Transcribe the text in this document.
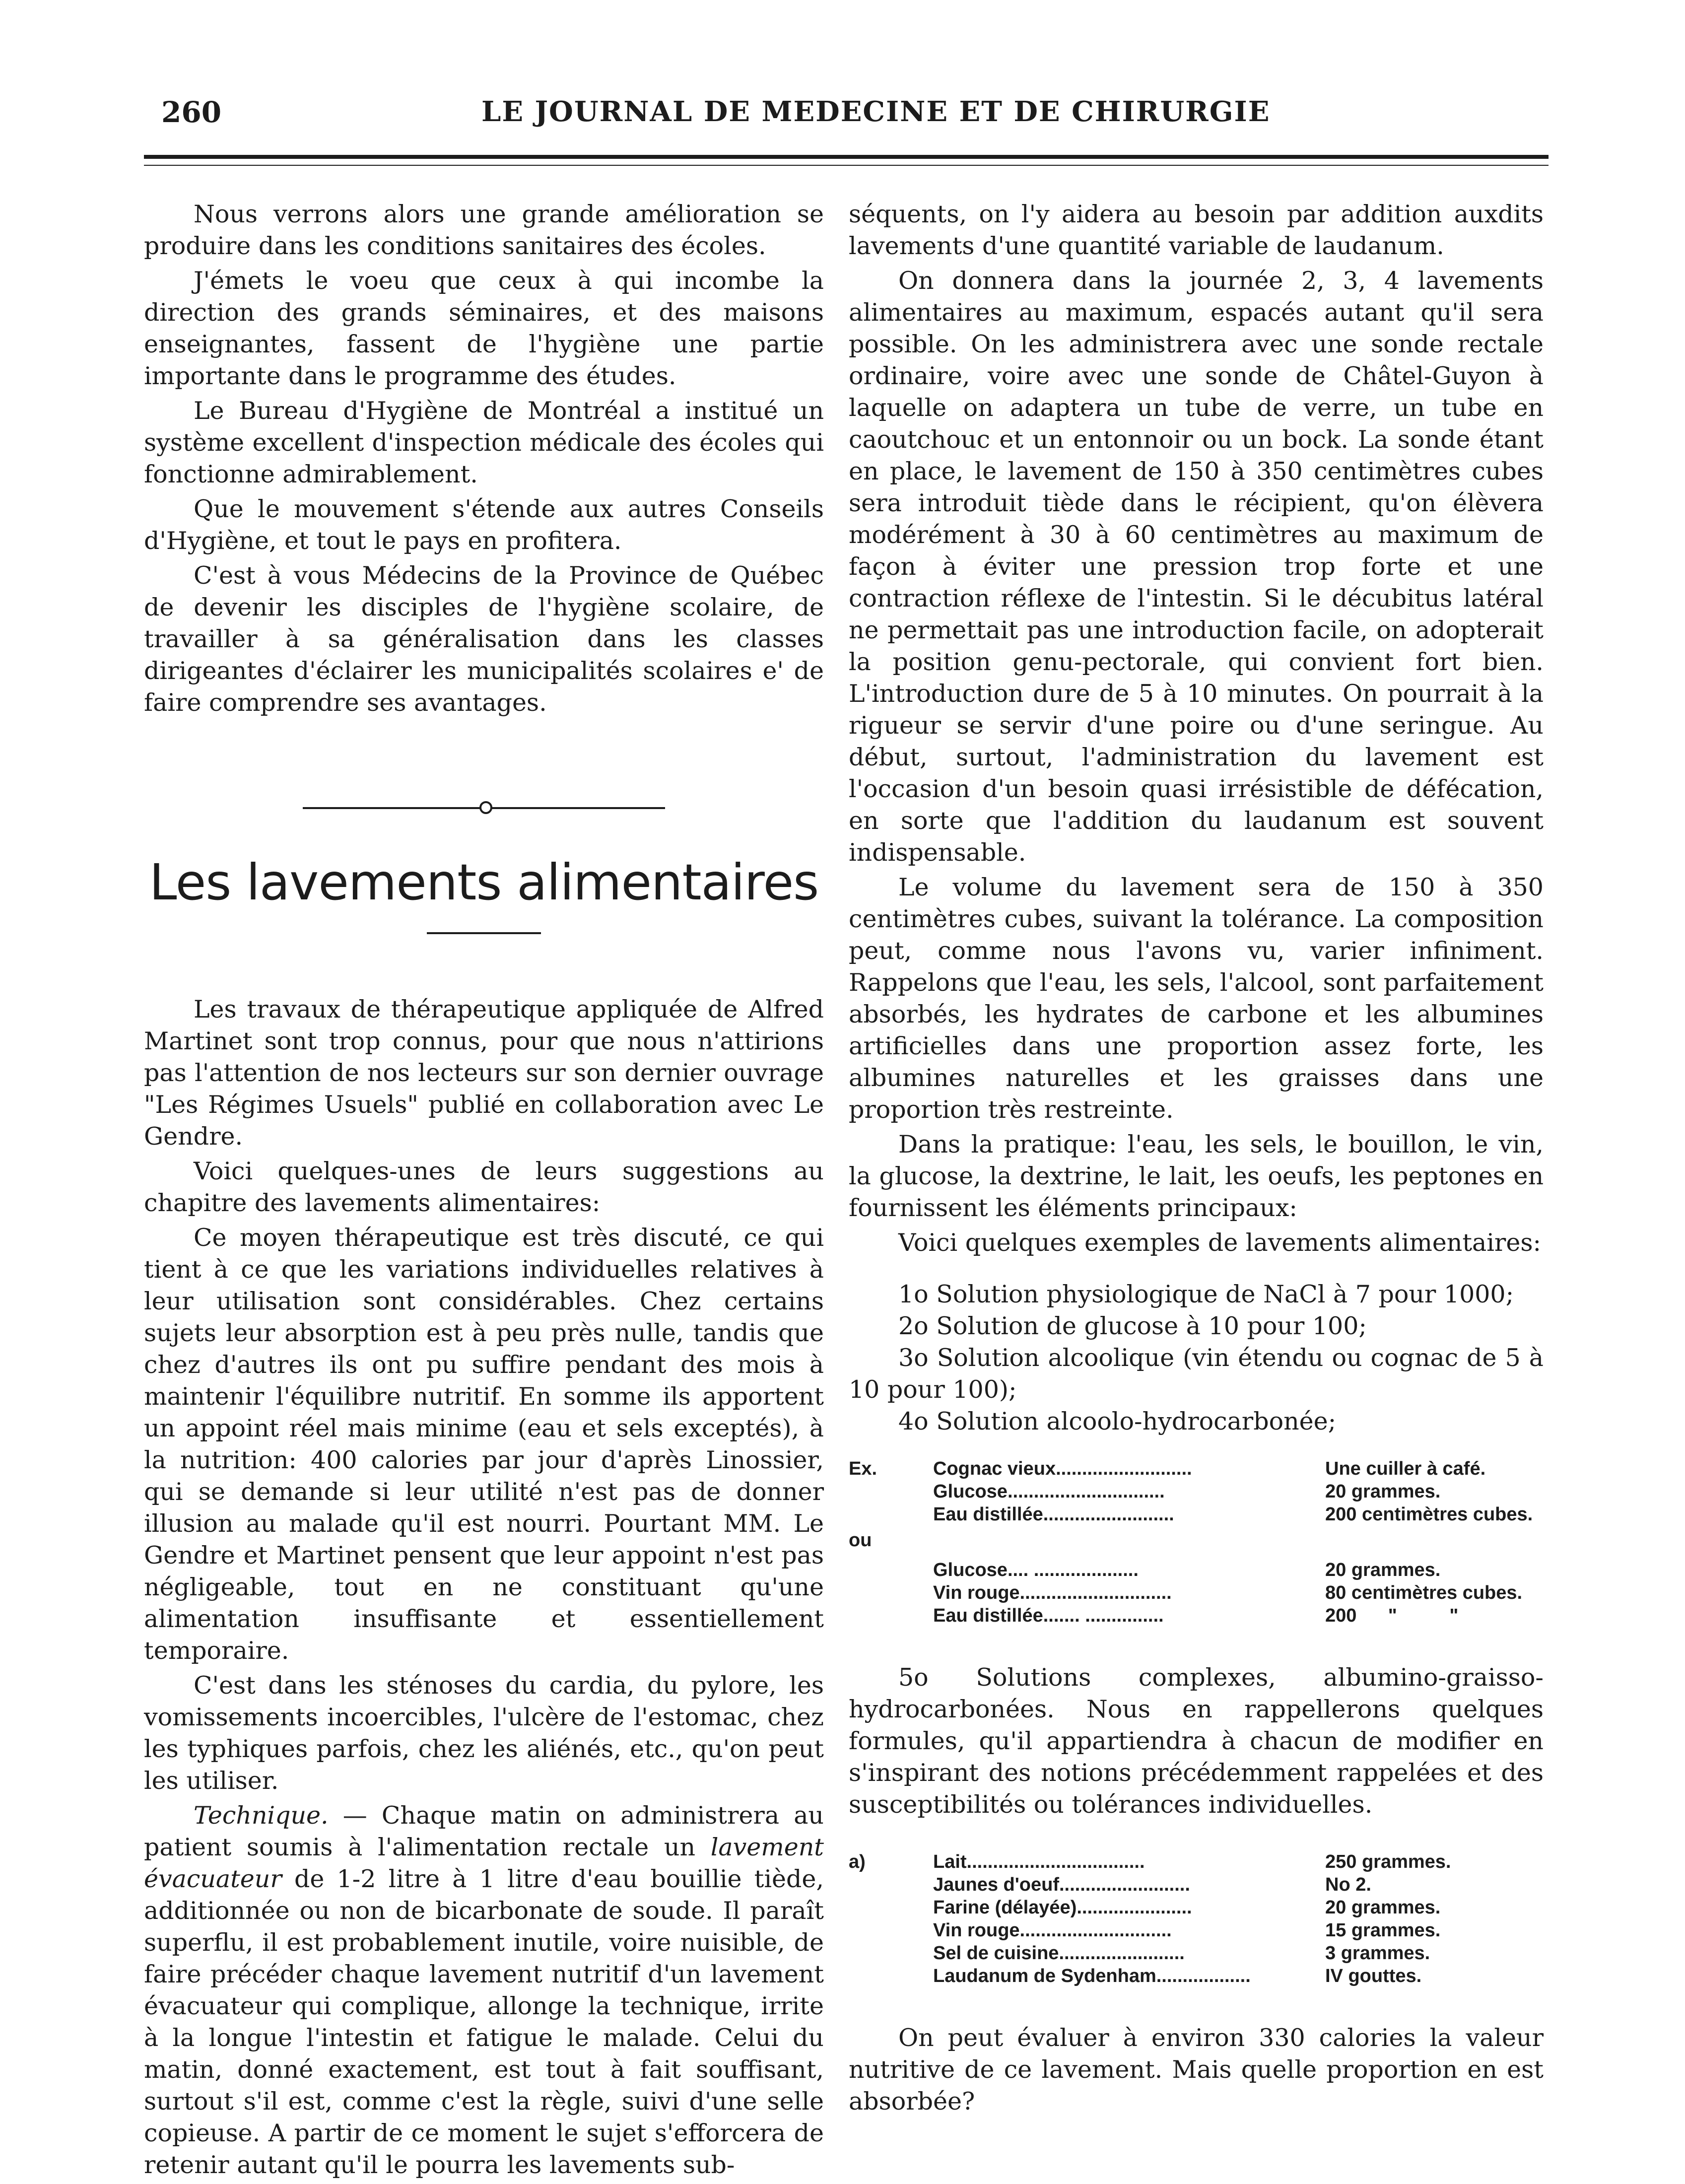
260	LE JOURNAL DE MEDECINE ET DE CHIRURGIE

Nous verrons alors une grande amélioration se produire dans les conditions sanitaires des écoles.

J'émets le voeu que ceux à qui incombe la direction des grands séminaires, et des maisons enseignantes, fassent de l'hygiène une partie importante dans le programme des études.

Le Bureau d'Hygiène de Montréal a institué un système excellent d'inspection médicale des écoles qui fonctionne admirablement.

Que le mouvement s'étende aux autres Conseils d'Hygiène, et tout le pays en profitera.

C'est à vous Médecins de la Province de Québec de devenir les disciples de l'hygiène scolaire, de travailler à sa généralisation dans les classes dirigeantes d'éclairer les municipalités scolaires e' de faire comprendre ses avantages.

Les lavements alimentaires

Les travaux de thérapeutique appliquée de Alfred Martinet sont trop connus, pour que nous n'attirions pas l'attention de nos lecteurs sur son dernier ouvrage "Les Régimes Usuels" publié en collaboration avec Le Gendre.

Voici quelques-unes de leurs suggestions au chapitre des lavements alimentaires:

Ce moyen thérapeutique est très discuté, ce qui tient à ce que les variations individuelles relatives à leur utilisation sont considérables. Chez certains sujets leur absorption est à peu près nulle, tandis que chez d'autres ils ont pu suffire pendant des mois à maintenir l'équilibre nutritif. En somme ils apportent un appoint réel mais minime (eau et sels exceptés), à la nutrition: 400 calories par jour d'après Linossier, qui se demande si leur utilité n'est pas de donner illusion au malade qu'il est nourri. Pourtant MM. Le Gendre et Martinet pensent que leur appoint n'est pas négligeable, tout en ne constituant qu'une alimentation insuffisante et essentiellement temporaire.

C'est dans les sténoses du cardia, du pylore, les vomissements incoercibles, l'ulcère de l'estomac, chez les typhiques parfois, chez les aliénés, etc., qu'on peut les utiliser.

Technique. — Chaque matin on administrera au patient soumis à l'alimentation rectale un lavement évacuateur de 1-2 litre à 1 litre d'eau bouillie tiède, additionnée ou non de bicarbonate de soude. Il paraît superflu, il est probablement inutile, voire nuisible, de faire précéder chaque lavement nutritif d'un lavement évacuateur qui complique, allonge la technique, irrite à la longue l'intestin et fatigue le malade. Celui du matin, donné exactement, est tout à fait souffisant, surtout s'il est, comme c'est la règle, suivi d'une selle copieuse. A partir de ce moment le sujet s'efforcera de retenir autant qu'il le pourra les lavements sub-

séquents, on l'y aidera au besoin par addition auxdits lavements d'une quantité variable de laudanum.

On donnera dans la journée 2, 3, 4 lavements alimentaires au maximum, espacés autant qu'il sera possible. On les administrera avec une sonde rectale ordinaire, voire avec une sonde de Châtel-Guyon à laquelle on adaptera un tube de verre, un tube en caoutchouc et un entonnoir ou un bock. La sonde étant en place, le lavement de 150 à 350 centimètres cubes sera introduit tiède dans le récipient, qu'on élèvera modérément à 30 à 60 centimètres au maximum de façon à éviter une pression trop forte et une contraction réflexe de l'intestin. Si le décubitus latéral ne permettait pas une introduction facile, on adopterait la position genu-pectorale, qui convient fort bien. L'introduction dure de 5 à 10 minutes. On pourrait à la rigueur se servir d'une poire ou d'une seringue. Au début, surtout, l'administration du lavement est l'occasion d'un besoin quasi irrésistible de défécation, en sorte que l'addition du laudanum est souvent indispensable.

Le volume du lavement sera de 150 à 350 centimètres cubes, suivant la tolérance. La composition peut, comme nous l'avons vu, varier infiniment. Rappelons que l'eau, les sels, l'alcool, sont parfaitement absorbés, les hydrates de carbone et les albumines artificielles dans une proportion assez forte, les albumines naturelles et les graisses dans une proportion très restreinte.

Dans la pratique: l'eau, les sels, le bouillon, le vin, la glucose, la dextrine, le lait, les oeufs, les peptones en fournissent les éléments principaux:

Voici quelques exemples de lavements alimentaires:

1o Solution physiologique de NaCl à 7 pour 1000;
2o Solution de glucose à 10 pour 100;
3o Solution alcoolique (vin étendu ou cognac de 5 à 10 pour 100);
4o Solution alcoolo-hydrocarbonée;
Ex.	Cognac vieux..........................	Une cuiller à café.
Glucose..............................	20 grammes.
Eau distillée.........................	200 centimètres cubes.
ou
Glucose.... ....................	20 grammes.
Vin rouge.............................	80 centimètres cubes.
Eau distillée....... ...............	200      "          "

5o Solutions complexes, albumino-graisso-hydrocarbonées. Nous en rappellerons quelques formules, qu'il appartiendra à chacun de modifier en s'inspirant des notions précédemment rappelées et des susceptibilités ou tolérances individuelles.

a)	Lait..................................	250 grammes.
Jaunes d'oeuf.........................	No 2.
Farine (délayée)......................	20 grammes.
Vin rouge.............................	15 grammes.
Sel de cuisine........................	3 grammes.
Laudanum de Sydenham..................	IV gouttes.

On peut évaluer à environ 330 calories la valeur nutritive de ce lavement. Mais quelle proportion en est absorbée?
